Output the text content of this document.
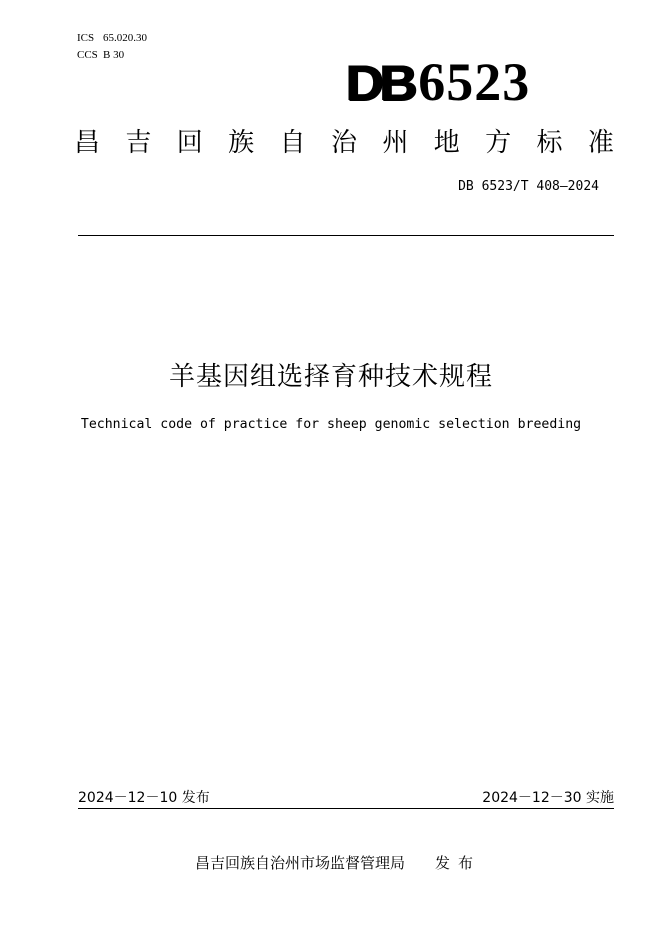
ICS 65.020.30
CCS B 30	DB 6523
昌 吉 回 族 自 治 州 地 方 标 准
DB 6523/T 408—2024
羊基因组选择育种技术规程
Technical code of practice for sheep genomic selection breeding
2024－12－10 发布	2024－12－30 实施
昌吉回族自治州市场监督管理局 发布
